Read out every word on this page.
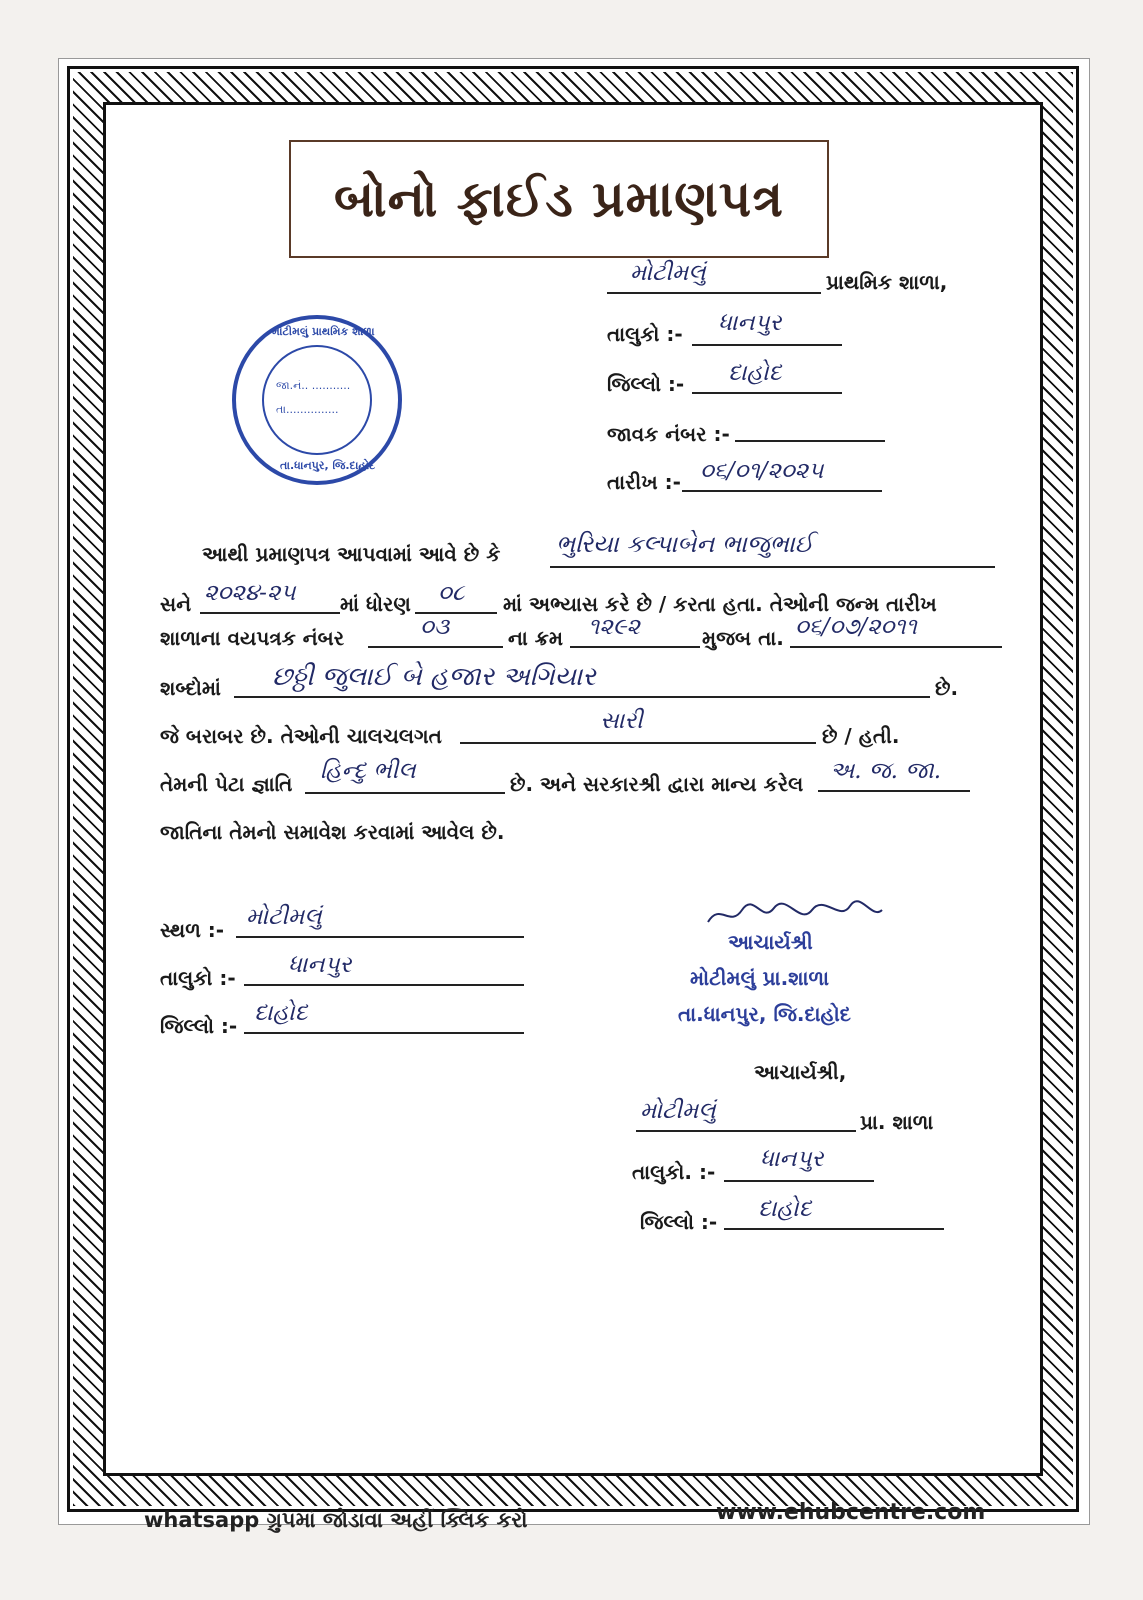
બોનો ફાઈડ પ્રમાણપત્ર
મોટીમલું પ્રાથમિક શાળા
તા.ધાનપુર, જિ.દાહોદ
જા.નં.. ...........
તા...............
મોટીમલું	પ્રાથમિક શાળા,
તાલુકો :- ધાનપુર
જિલ્લો :- દાહોદ
જાવક નંબર :-
તારીખ :- ૦૬/૦૧/૨૦૨૫
આથી પ્રમાણપત્ર આપવામાં આવે છે કે ભુરિયા કલ્પાબેન ભાજુભાઈ
સને ૨૦૨૪-૨૫ માં ધોરણ ૦૮ માં અભ્યાસ કરે છે / કરતા હતા. તેઓની જન્મ તારીખ
શાળાના વયપત્રક નંબર	૦૩	ના ક્રમ ૧૨૯૨	મુજબ તા. ૦૬/૦૭/૨૦૧૧
શબ્દોમાં છઠ્ઠી જુલાઈ બે હજાર અગિયાર	છે.
જે બરાબર છે. તેઓની ચાલચલગત
સારી
છે / હતી.
તેમની પેટા જ્ઞાતિ હિન્દુ ભીલ	છે. અને સરકારશ્રી દ્વારા માન્ય કરેલ અ. જ. જા.
જાતિના તેમનો સમાવેશ કરવામાં આવેલ છે.
સ્થળ :- મોટીમલું
તાલુકો :- ધાનપુર
જિલ્લો :- દાહોદ
આચાર્યશ્રી
મોટીમલું પ્રા.શાળા
તા.ધાનપુર, જિ.દાહોદ
આચાર્યશ્રી,
મોટીમલું	પ્રા. શાળા
તાલુકો. :- ધાનપુર
જિલ્લો :- દાહોદ
whatsapp ગ્રુપમાં જોડાવા અહીં ક્લિક કરો	www.ehubcentre.com
